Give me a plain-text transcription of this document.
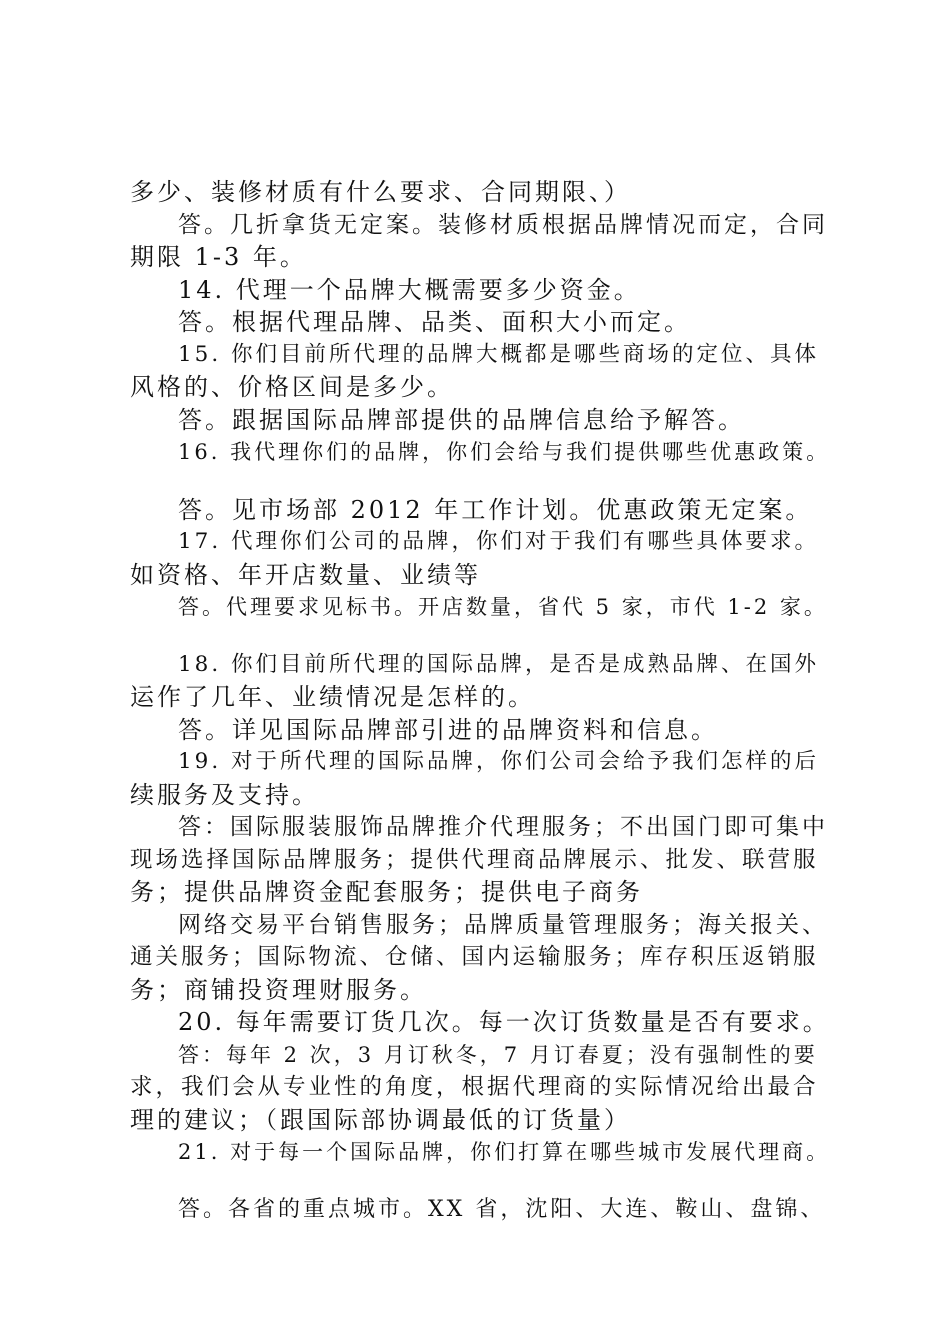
多少、装修材质有什么要求、合同期限、）

答。几折拿货无定案。装修材质根据品牌情况而定，合同

期限 1-3 年。

14. 代理一个品牌大概需要多少资金。

答。根据代理品牌、品类、面积大小而定。

15. 你们目前所代理的品牌大概都是哪些商场的定位、具体

风格的、价格区间是多少。

答。跟据国际品牌部提供的品牌信息给予解答。

16. 我代理你们的品牌，你们会给与我们提供哪些优惠政策。

答。见市场部 2012 年工作计划。优惠政策无定案。

17. 代理你们公司的品牌，你们对于我们有哪些具体要求。

如资格、年开店数量、业绩等

答。代理要求见标书。开店数量，省代 5 家，市代 1-2 家。

18. 你们目前所代理的国际品牌，是否是成熟品牌、在国外

运作了几年、业绩情况是怎样的。

答。详见国际品牌部引进的品牌资料和信息。

19. 对于所代理的国际品牌，你们公司会给予我们怎样的后

续服务及支持。

答：国际服装服饰品牌推介代理服务；不出国门即可集中

现场选择国际品牌服务；提供代理商品牌展示、批发、联营服

务；提供品牌资金配套服务；提供电子商务

网络交易平台销售服务；品牌质量管理服务；海关报关、

通关服务；国际物流、仓储、国内运输服务；库存积压返销服

务；商铺投资理财服务。

20. 每年需要订货几次。每一次订货数量是否有要求。

答：每年 2 次，3 月订秋冬，7 月订春夏；没有强制性的要

求，我们会从专业性的角度，根据代理商的实际情况给出最合

理的建议；（跟国际部协调最低的订货量）

21. 对于每一个国际品牌，你们打算在哪些城市发展代理商。

答。各省的重点城市。XX 省，沈阳、大连、鞍山、盘锦、
